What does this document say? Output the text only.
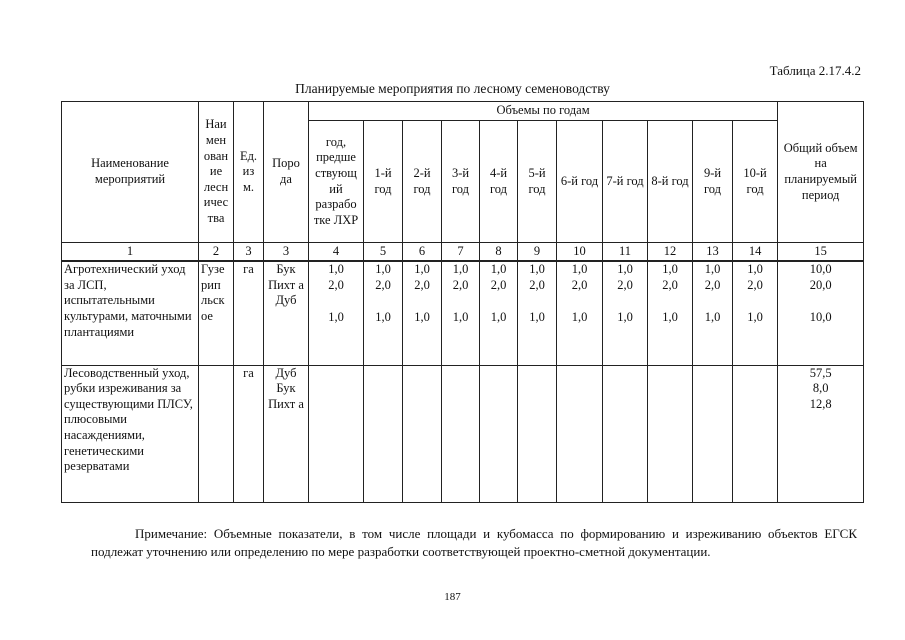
Таблица 2.17.4.2
Планируемые мероприятия по лесному семеноводству
Наименование мероприятий	Наи мен ован ие лесн ичес тва	Ед. из м.	Поро да	Объемы по годам											Общий объем на планируемый период
				год, предше ствующ ий разрабо тке ЛХР	1-й год	2-й год	3-й год	4-й год	5-й год	6-й год	7-й год	8-й год	9-й год	10-й год	
1	2	3	3	4	5	6	7	8	9	10	11	12	13	14	15
Агротехнический уход за ЛСП, испытательными культурами, маточными плантациями	Гузе рип льск ое	га	Бук
Пихт а
Дуб	1,0
2,0
1,0	1,0
2,0
1,0	1,0
2,0
1,0	1,0
2,0
1,0	1,0
2,0
1,0	1,0
2,0
1,0	1,0
2,0
1,0	1,0
2,0
1,0	1,0
2,0
1,0	1,0
2,0
1,0	1,0
2,0
1,0	10,0
20,0
10,0

Лесоводственный уход, рубки изреживания за существующими ПЛСУ, плюсовыми насаждениями, генетическими резерватами		га	Дуб
Бук
Пихт а												57,5
8,0
12,8
Примечание: Объемные показатели, в том числе площади и кубомасса по формированию и изреживанию объектов ЕГСК подлежат уточнению или определению по мере разработки соответствующей проектно-сметной документации.
187
